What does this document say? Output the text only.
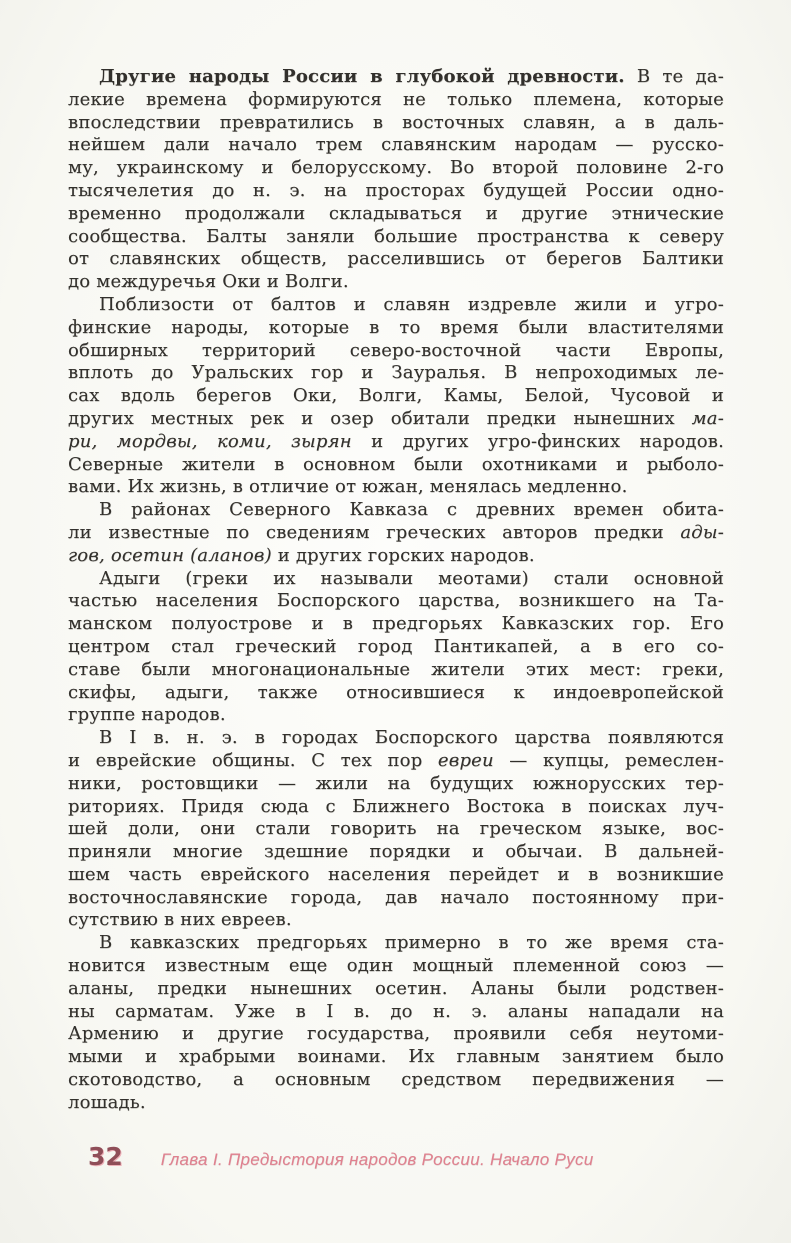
Другие народы России в глубокой древности. В те да-
лекие времена формируются не только племена, которые
впоследствии превратились в восточных славян, а в даль-
нейшем дали начало трем славянским народам — русско-
му, украинскому и белорусскому. Во второй половине 2-го
тысячелетия до н. э. на просторах будущей России одно-
временно продолжали складываться и другие этнические
сообщества. Балты заняли большие пространства к северу
от славянских обществ, расселившись от берегов Балтики
до междуречья Оки и Волги.
Поблизости от балтов и славян издревле жили и угро-
финские народы, которые в то время были властителями
обширных территорий северо-восточной части Европы,
вплоть до Уральских гор и Зауралья. В непроходимых ле-
сах вдоль берегов Оки, Волги, Камы, Белой, Чусовой и
других местных рек и озер обитали предки нынешних ма-
ри, мордвы, коми, зырян и других угро-финских народов.
Северные жители в основном были охотниками и рыболо-
вами. Их жизнь, в отличие от южан, менялась медленно.
В районах Северного Кавказа с древних времен обита-
ли известные по сведениям греческих авторов предки ады-
гов, осетин (аланов) и других горских народов.
Адыги (греки их называли меотами) стали основной
частью населения Боспорского царства, возникшего на Та-
манском полуострове и в предгорьях Кавказских гор. Его
центром стал греческий город Пантикапей, а в его со-
ставе были многонациональные жители этих мест: греки,
скифы, адыги, также относившиеся к индоевропейской
группе народов.
В I в. н. э. в городах Боспорского царства появляются
и еврейские общины. С тех пор евреи — купцы, ремеслен-
ники, ростовщики — жили на будущих южнорусских тер-
риториях. Придя сюда с Ближнего Востока в поисках луч-
шей доли, они стали говорить на греческом языке, вос-
приняли многие здешние порядки и обычаи. В дальней-
шем часть еврейского населения перейдет и в возникшие
восточнославянские города, дав начало постоянному при-
сутствию в них евреев.
В кавказских предгорьях примерно в то же время ста-
новится известным еще один мощный племенной союз —
аланы, предки нынешних осетин. Аланы были родствен-
ны сарматам. Уже в I в. до н. э. аланы нападали на
Армению и другие государства, проявили себя неутоми-
мыми и храбрыми воинами. Их главным занятием было
скотоводство, а основным средством передвижения —
лошадь.
32 Глава I. Предыстория народов России. Начало Руси
